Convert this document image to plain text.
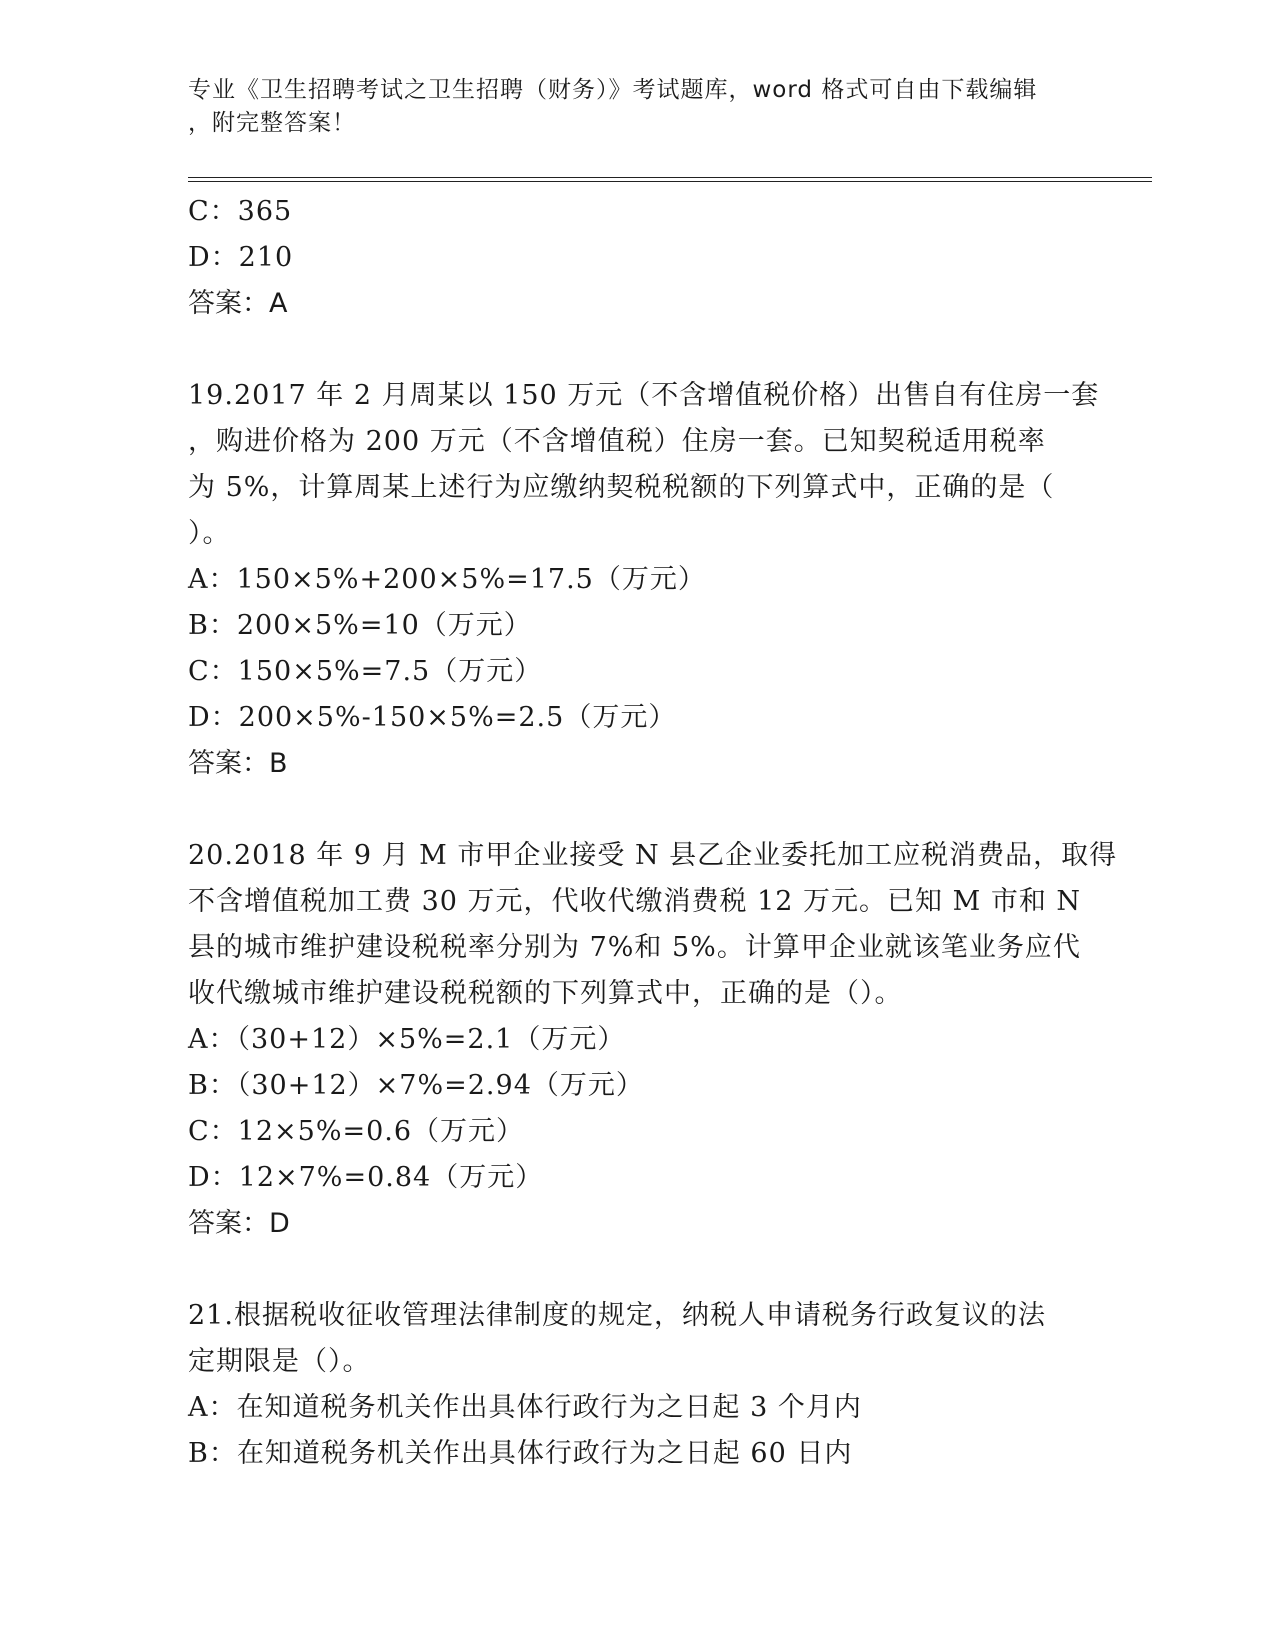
专业《卫生招聘考试之卫生招聘（财务）》考试题库，word 格式可自由下载编辑
，附完整答案！
C：365
D：210
答案：A
19.2017 年 2 月周某以 150 万元（不含增值税价格）出售自有住房一套
，购进价格为 200 万元（不含增值税）住房一套。已知契税适用税率
为 5%，计算周某上述行为应缴纳契税税额的下列算式中，正确的是（
）。
A：150×5%+200×5%=17.5（万元）
B：200×5%=10（万元）
C：150×5%=7.5（万元）
D：200×5%-150×5%=2.5（万元）
答案：B
20.2018 年 9 月 M 市甲企业接受 N 县乙企业委托加工应税消费品，取得
不含增值税加工费 30 万元，代收代缴消费税 12 万元。已知 M 市和 N
县的城市维护建设税税率分别为 7%和 5%。计算甲企业就该笔业务应代
收代缴城市维护建设税税额的下列算式中，正确的是（）。
A：（30+12）×5%=2.1（万元）
B：（30+12）×7%=2.94（万元）
C：12×5%=0.6（万元）
D：12×7%=0.84（万元）
答案：D
21.根据税收征收管理法律制度的规定，纳税人申请税务行政复议的法
定期限是（）。
A：在知道税务机关作出具体行政行为之日起 3 个月内
B：在知道税务机关作出具体行政行为之日起 60 日内
